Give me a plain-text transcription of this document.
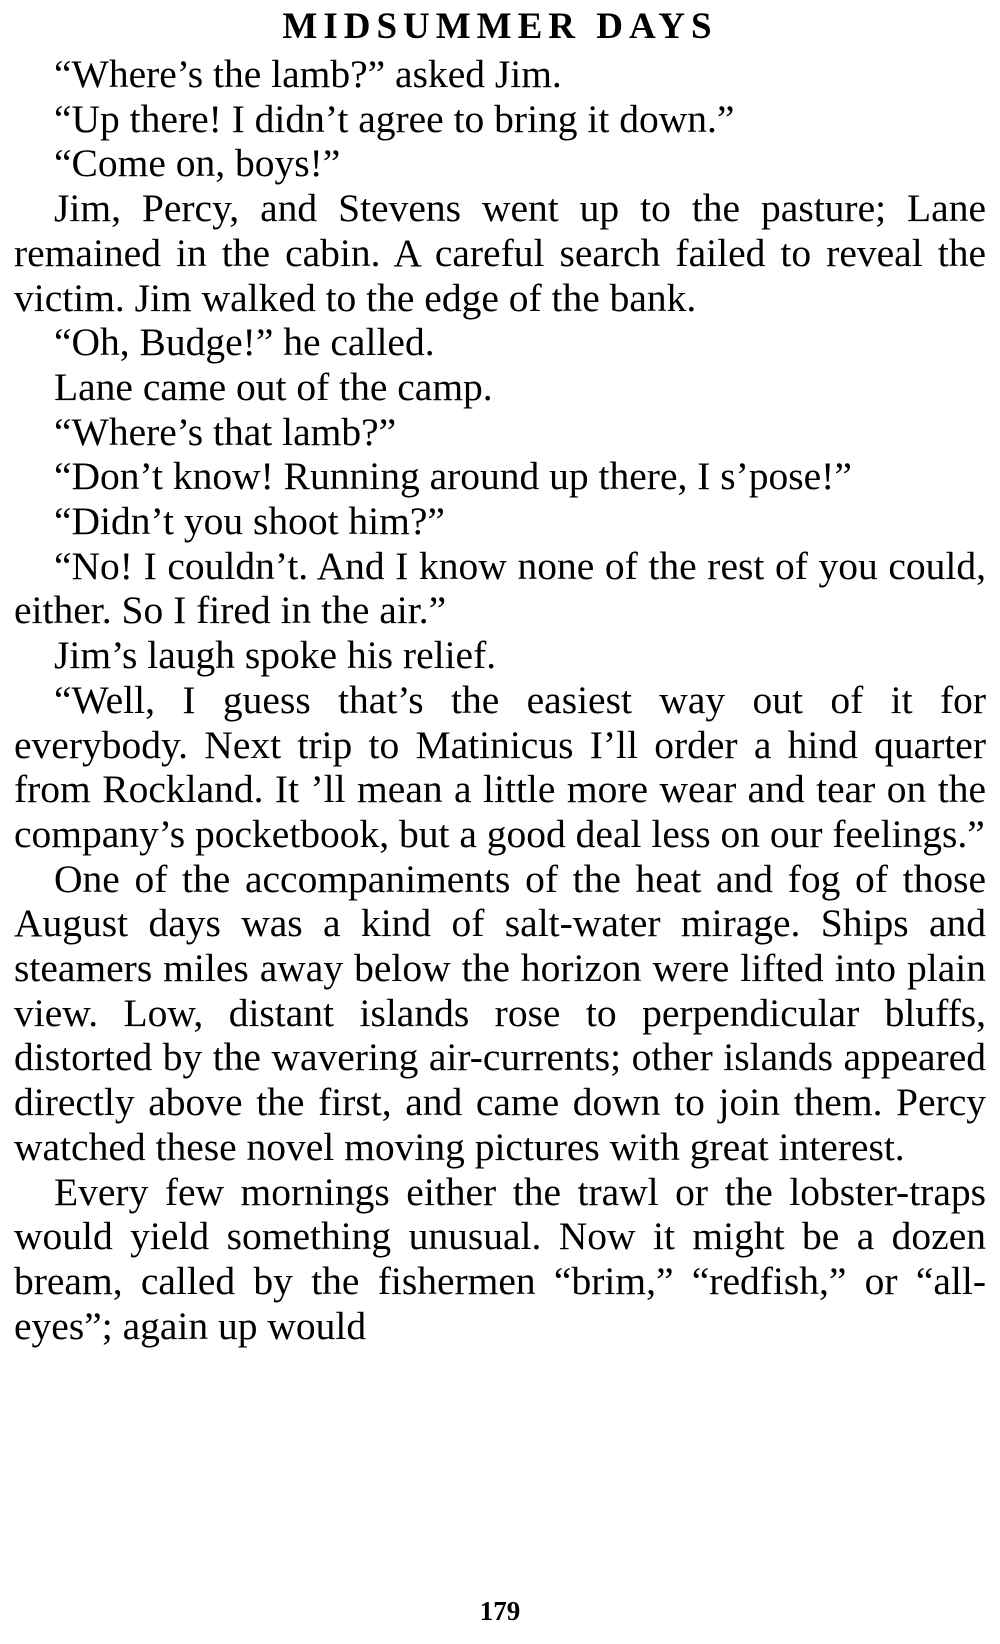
MIDSUMMER DAYS

“Where’s the lamb?” asked Jim.

“Up there! I didn’t agree to bring it down.”

“Come on, boys!”

Jim, Percy, and Stevens went up to the pasture; Lane remained in the cabin. A careful search failed to reveal the victim. Jim walked to the edge of the bank.

“Oh, Budge!” he called.

Lane came out of the camp.

“Where’s that lamb?”

“Don’t know! Running around up there, I s’pose!”

“Didn’t you shoot him?”

“No! I couldn’t. And I know none of the rest of you could, either. So I fired in the air.”

Jim’s laugh spoke his relief.

“Well, I guess that’s the easiest way out of it for everybody. Next trip to Matinicus I’ll order a hind quarter from Rockland. It ’ll mean a little more wear and tear on the company’s pocketbook, but a good deal less on our feelings.”

One of the accompaniments of the heat and fog of those August days was a kind of salt-water mirage. Ships and steamers miles away below the horizon were lifted into plain view. Low, distant islands rose to perpendicular bluffs, distorted by the wavering air-currents; other islands appeared directly above the first, and came down to join them. Percy watched these novel moving pictures with great interest.

Every few mornings either the trawl or the lobster-traps would yield something unusual. Now it might be a dozen bream, called by the fishermen “brim,” “redfish,” or “all-eyes”; again up would

179
